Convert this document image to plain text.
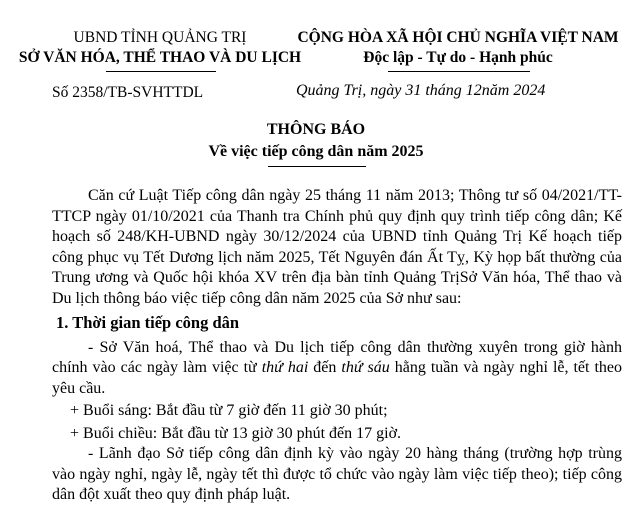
UBND TỈNH QUẢNG TRỊ
SỞ VĂN HÓA, THỂ THAO VÀ DU LỊCH
CỘNG HÒA XÃ HỘI CHỦ NGHĨA VIỆT NAM
Độc lập - Tự do - Hạnh phúc
Số 2358/TB-SVHTTDL	Quảng Trị, ngày 31 tháng 12năm 2024
THÔNG BÁO
Về việc tiếp công dân năm 2025

Căn cứ Luật Tiếp công dân ngày 25 tháng 11 năm 2013; Thông tư số 04/2021/TT-TTCP ngày 01/10/2021 của Thanh tra Chính phủ quy định quy trình tiếp công dân; Kế hoạch số 248/KH-UBND ngày 30/12/2024 của UBND tỉnh Quảng Trị Kế hoạch tiếp công phục vụ Tết Dương lịch năm 2025, Tết Nguyên đán Ất Tỵ, Kỳ họp bất thường của Trung ương và Quốc hội khóa XV trên địa bàn tỉnh Quảng TrịSở Văn hóa, Thể thao và Du lịch thông báo việc tiếp công dân năm 2025 của Sở như sau:

1. Thời gian tiếp công dân

- Sở Văn hoá, Thể thao và Du lịch tiếp công dân thường xuyên trong giờ hành chính vào các ngày làm việc từ thứ hai đến thứ sáu hằng tuần và ngày nghỉ lễ, tết theo yêu cầu.

+ Buổi sáng: Bắt đầu từ 7 giờ đến 11 giờ 30 phút;

+ Buổi chiều: Bắt đầu từ 13 giờ 30 phút đến 17 giờ.

- Lãnh đạo Sở tiếp công dân định kỳ vào ngày 20 hàng tháng (trường hợp trùng vào ngày nghỉ, ngày lễ, ngày tết thì được tổ chức vào ngày làm việc tiếp theo); tiếp công dân đột xuất theo quy định pháp luật.
